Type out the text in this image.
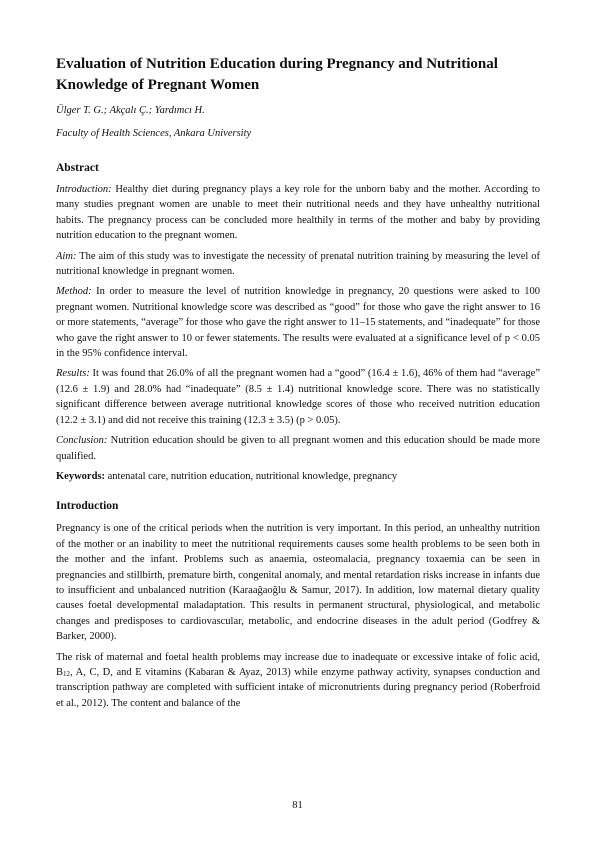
Evaluation of Nutrition Education during Pregnancy and Nutritional Knowledge of Pregnant Women
Ülger T. G.; Akçalı Ç.; Yardımcı H.
Faculty of Health Sciences, Ankara University
Abstract

Introduction: Healthy diet during pregnancy plays a key role for the unborn baby and the mother. According to many studies pregnant women are unable to meet their nutritional needs and they have unhealthy nutritional habits. The pregnancy process can be concluded more healthily in terms of the mother and baby by providing nutrition education to the pregnant women.

Aim: The aim of this study was to investigate the necessity of prenatal nutrition training by measuring the level of nutritional knowledge in pregnant women.

Method: In order to measure the level of nutrition knowledge in pregnancy, 20 questions were asked to 100 pregnant women. Nutritional knowledge score was described as “good” for those who gave the right answer to 16 or more statements, “average” for those who gave the right answer to 11–15 statements, and “inadequate” for those who gave the right answer to 10 or fewer statements. The results were evaluated at a significance level of p < 0.05 in the 95% confidence interval.

Results: It was found that 26.0% of all the pregnant women had a “good” (16.4 ± 1.6), 46% of them had “average” (12.6 ± 1.9) and 28.0% had “inadequate” (8.5 ± 1.4) nutritional knowledge score. There was no statistically significant difference between average nutritional knowledge scores of those who received nutrition education (12.2 ± 3.1) and did not receive this training (12.3 ± 3.5) (p > 0.05).

Conclusion: Nutrition education should be given to all pregnant women and this education should be made more qualified.

Keywords: antenatal care, nutrition education, nutritional knowledge, pregnancy

Introduction

Pregnancy is one of the critical periods when the nutrition is very important. In this period, an unhealthy nutrition of the mother or an inability to meet the nutritional requirements causes some health problems to be seen both in the mother and the infant. Problems such as anaemia, osteomalacia, pregnancy toxaemia can be seen in pregnancies and stillbirth, premature birth, congenital anomaly, and mental retardation risks increase in infants due to insufficient and unbalanced nutrition (Karaağaoğlu & Samur, 2017). In addition, low maternal dietary quality causes foetal developmental maladaptation. This results in permanent structural, physiological, and metabolic changes and predisposes to cardiovascular, metabolic, and endocrine diseases in the adult period (Godfrey & Barker, 2000).

The risk of maternal and foetal health problems may increase due to inadequate or excessive intake of folic acid, $B_{12}$, A, C, D, and E vitamins (Kabaran & Ayaz, 2013) while enzyme pathway activity, synapses conduction and transcription pathway are completed with sufficient intake of micronutrients during pregnancy period (Roberfroid et al., 2012). The content and balance of the

81
